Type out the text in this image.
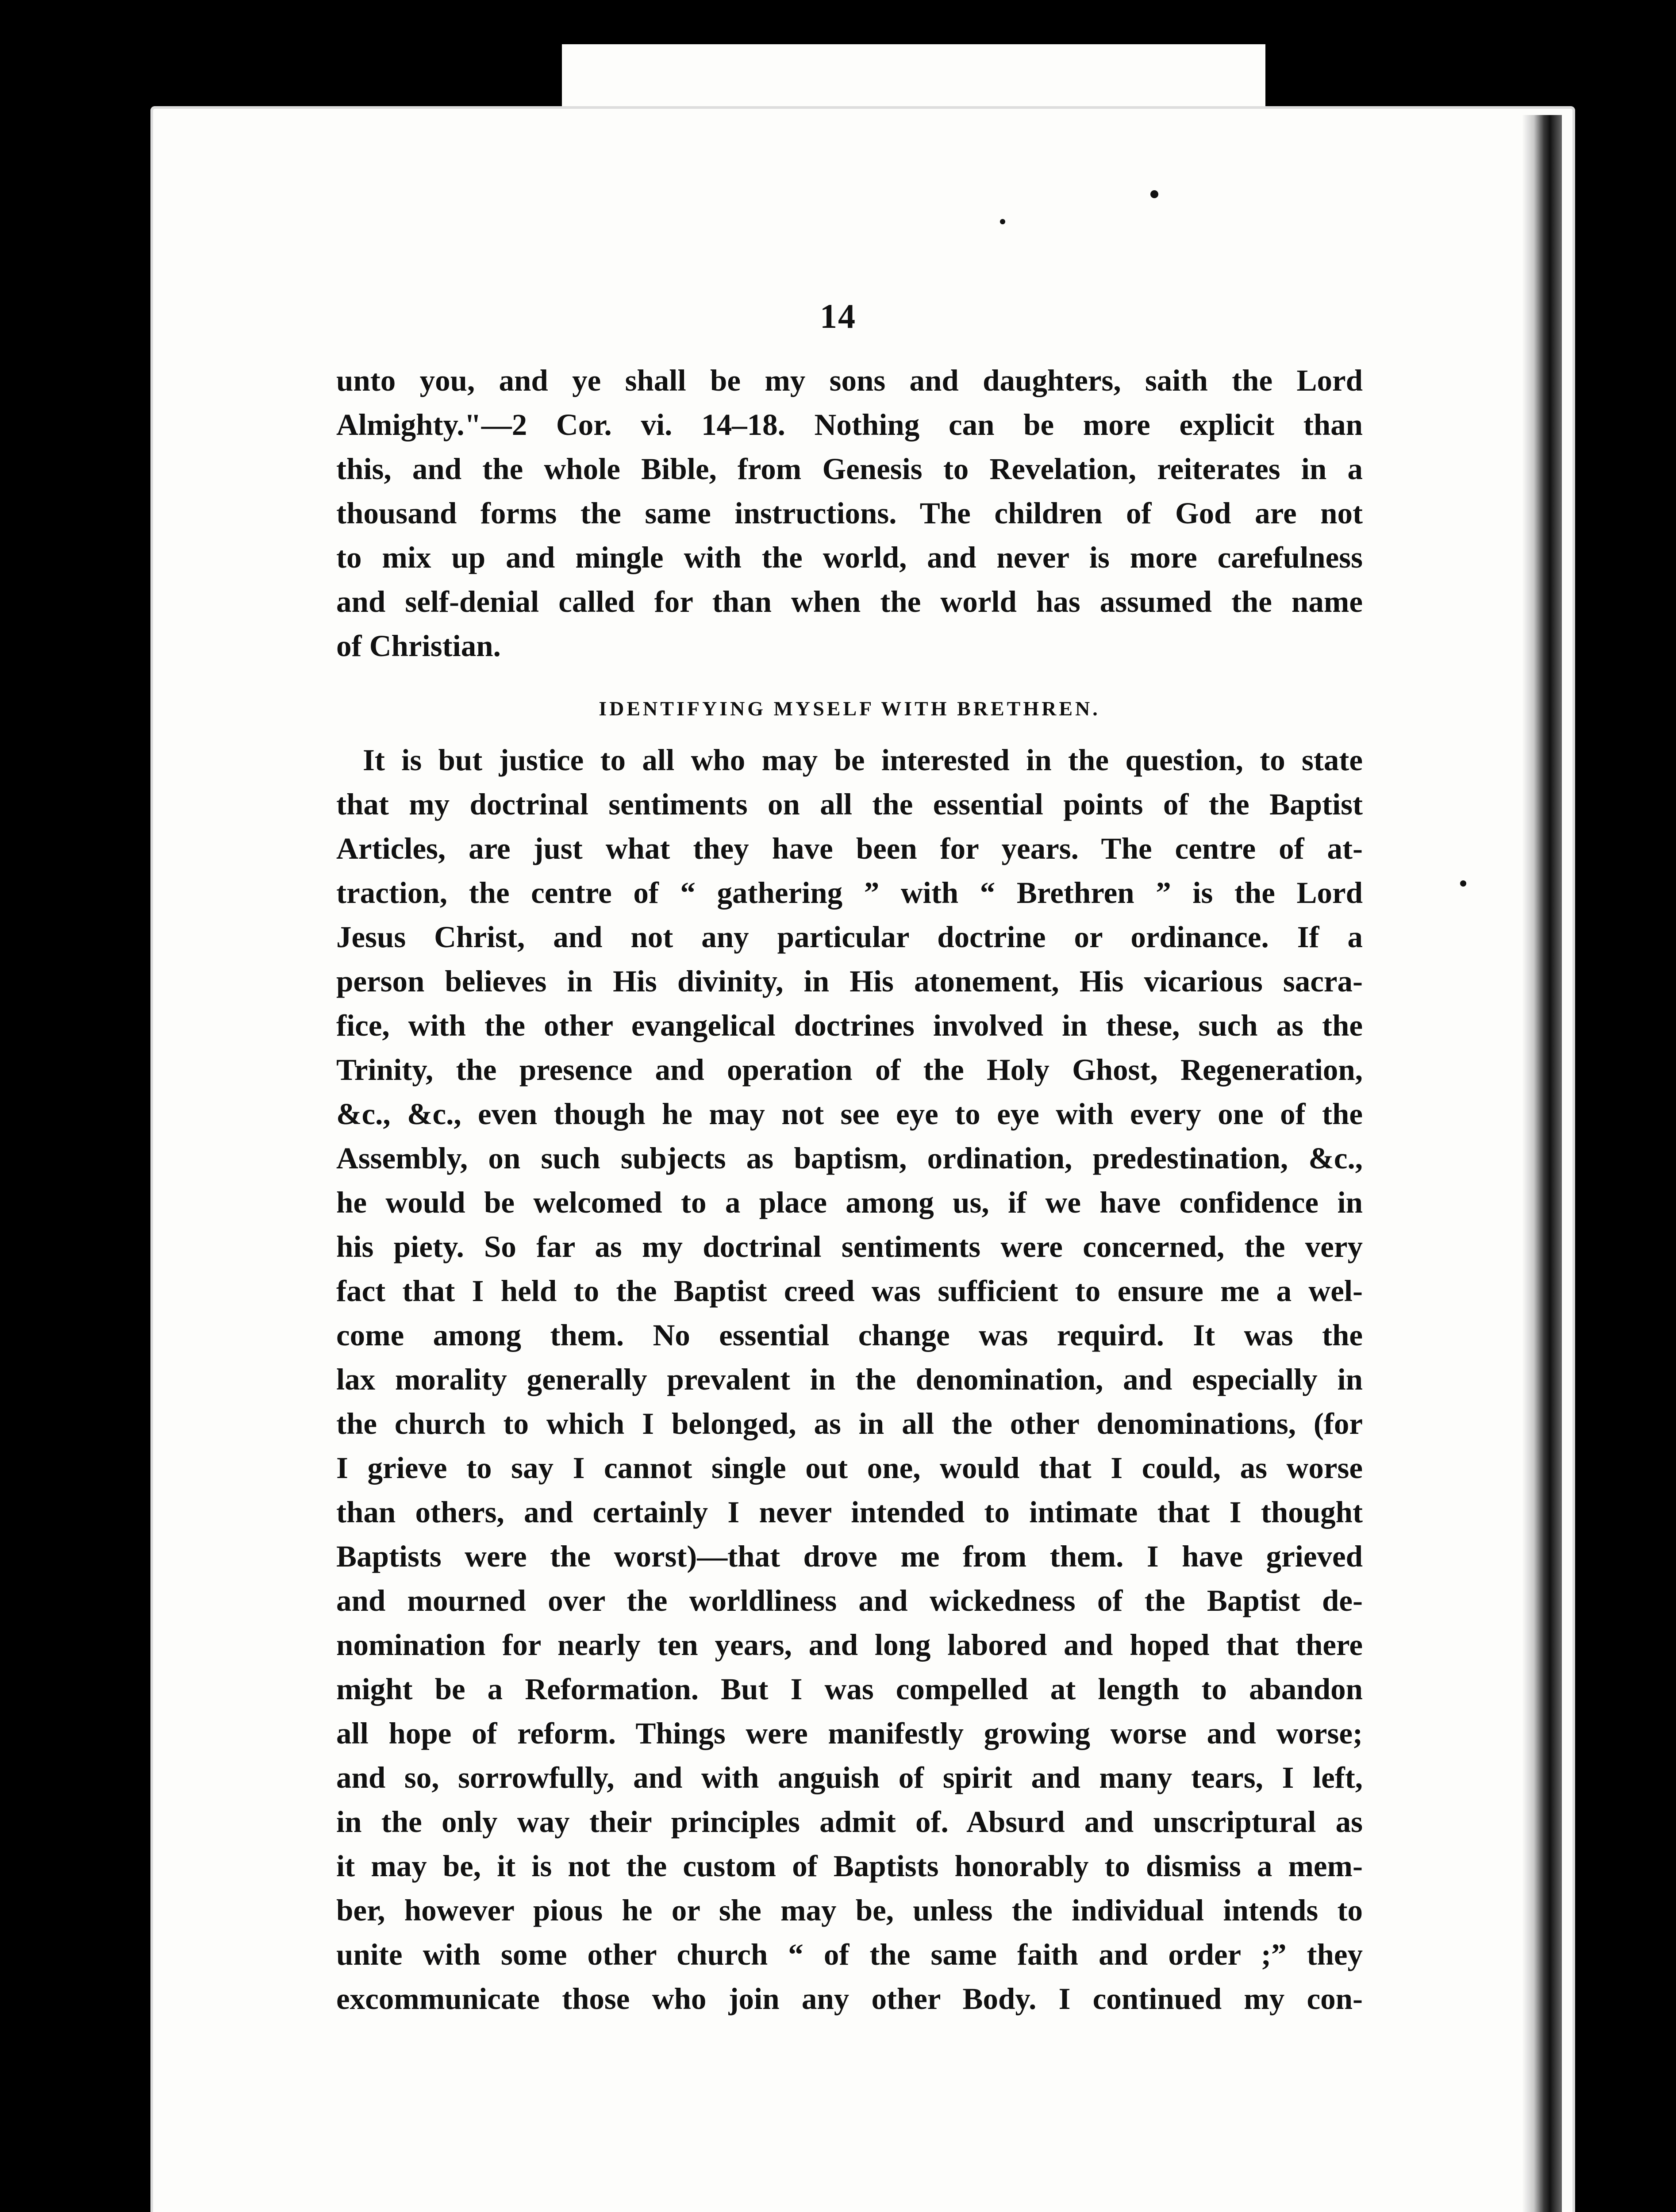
14
unto you, and ye shall be my sons and daughters, saith the Lord
Almighty."—2 Cor. vi. 14–18. Nothing can be more explicit than
this, and the whole Bible, from Genesis to Revelation, reiterates in a
thousand forms the same instructions. The children of God are not
to mix up and mingle with the world, and never is more carefulness
and self-denial called for than when the world has assumed the name
of Christian.
IDENTIFYING MYSELF WITH BRETHREN.
It is but justice to all who may be interested in the question, to state
that my doctrinal sentiments on all the essential points of the Baptist
Articles, are just what they have been for years. The centre of at-
traction, the centre of “ gathering ” with “ Brethren ” is the Lord
Jesus Christ, and not any particular doctrine or ordinance. If a
person believes in His divinity, in His atonement, His vicarious sacra-
fice, with the other evangelical doctrines involved in these, such as the
Trinity, the presence and operation of the Holy Ghost, Regeneration,
&c., &c., even though he may not see eye to eye with every one of the
Assembly, on such subjects as baptism, ordination, predestination, &c.,
he would be welcomed to a place among us, if we have confidence in
his piety. So far as my doctrinal sentiments were concerned, the very
fact that I held to the Baptist creed was sufficient to ensure me a wel-
come among them. No essential change was requird. It was the
lax morality generally prevalent in the denomination, and especially in
the church to which I belonged, as in all the other denominations, (for
I grieve to say I cannot single out one, would that I could, as worse
than others, and certainly I never intended to intimate that I thought
Baptists were the worst)—that drove me from them. I have grieved
and mourned over the worldliness and wickedness of the Baptist de-
nomination for nearly ten years, and long labored and hoped that there
might be a Reformation. But I was compelled at length to abandon
all hope of reform. Things were manifestly growing worse and worse;
and so, sorrowfully, and with anguish of spirit and many tears, I left,
in the only way their principles admit of. Absurd and unscriptural as
it may be, it is not the custom of Baptists honorably to dismiss a mem-
ber, however pious he or she may be, unless the individual intends to
unite with some other church “ of the same faith and order ;” they
excommunicate those who join any other Body. I continued my con-
